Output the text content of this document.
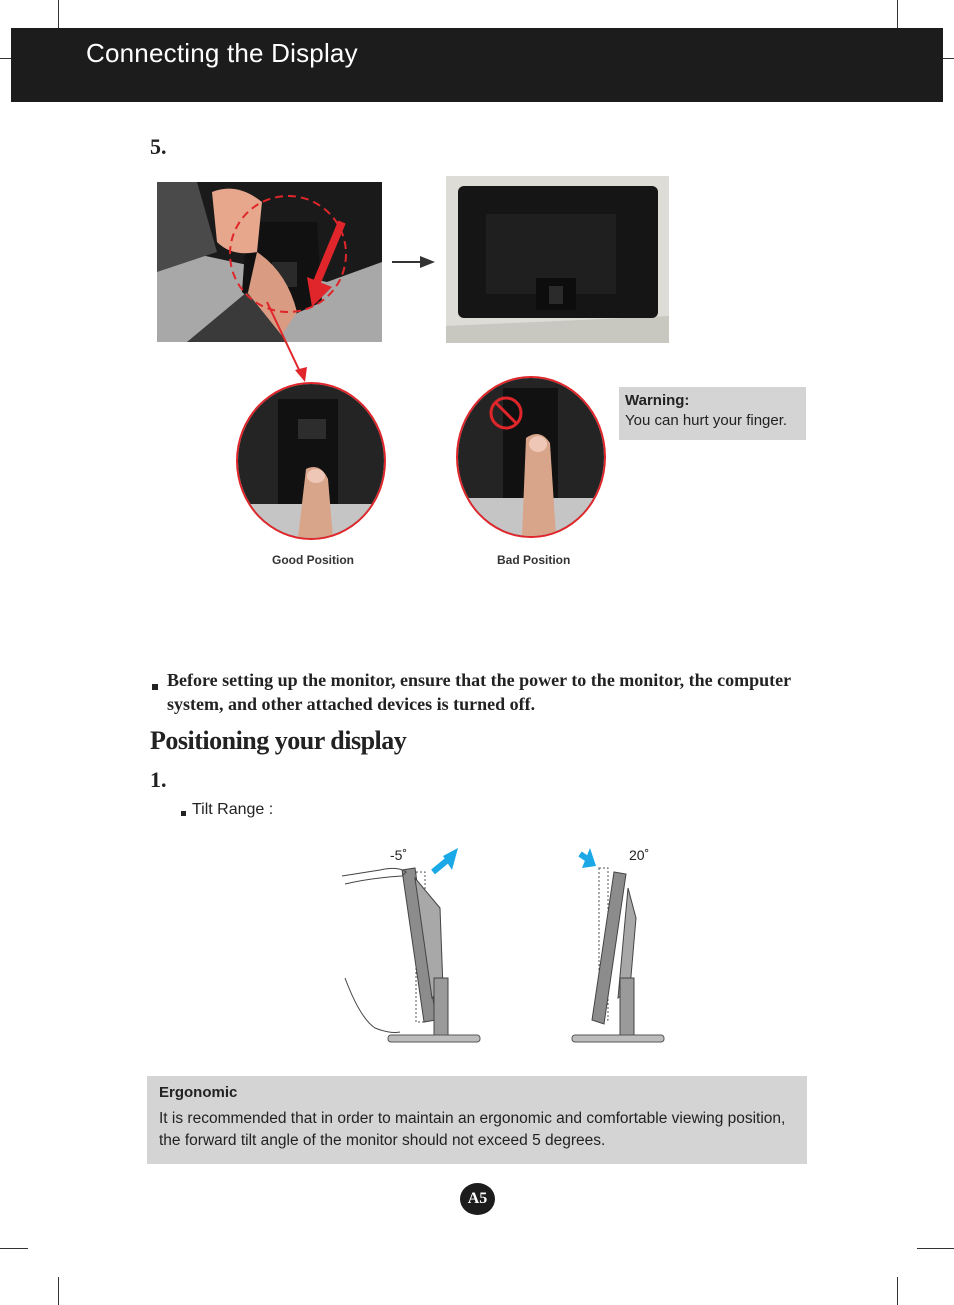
Connecting the Display
5.
Warning:
You can hurt your finger.
Good Position	Bad Position
Before setting up the monitor, ensure that the power to the monitor, the computer system, and other attached devices is turned off.
Positioning your display
1.
Tilt Range :
-5˚	20˚
Ergonomic
It is recommended that in order to maintain an ergonomic and comfortable viewing position, the forward tilt angle of the monitor should not exceed 5 degrees.
A5
